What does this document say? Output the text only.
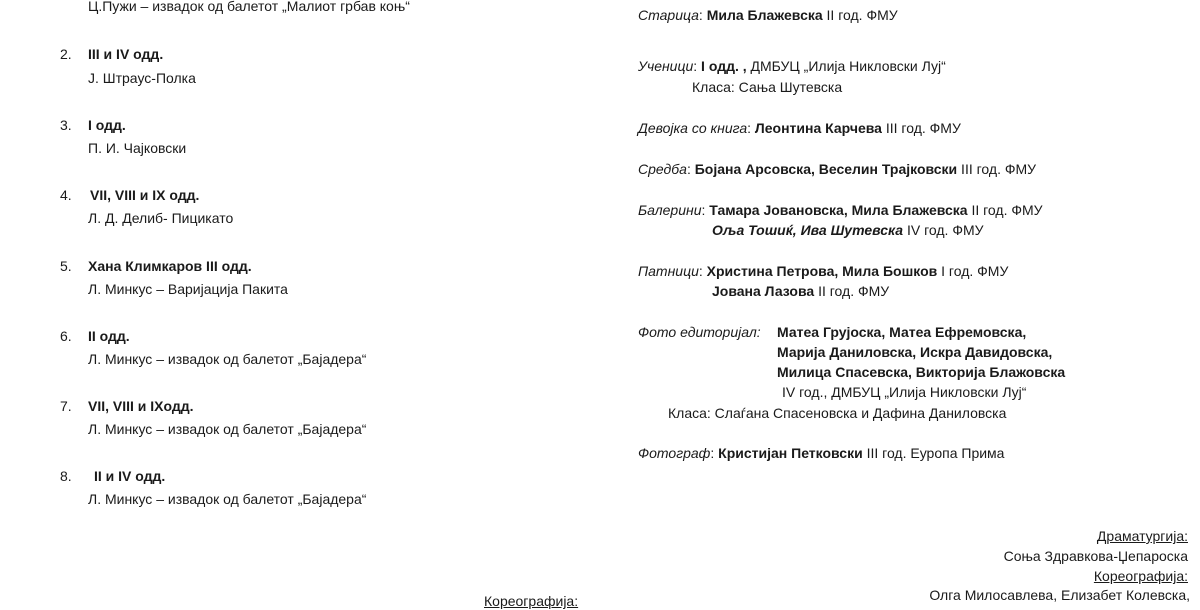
Ц.Пужи – извадок од балетот „Малиот грбав коњ“
2. III и IV одд.
Ј. Штраус-Полка
3. I одд.
П. И. Чајковски
4. VII, VIII и IX одд.
Л. Д. Делиб- Пицикато
5. Хана Климкаров III одд.
Л. Минкус – Варијација Пакита
6. II одд.
Л. Минкус – извадок од балетот „Бајадера“
7. VII, VIII и IXодд.
Л. Минкус – извадок од балетот „Бајадера“
8. II и IV одд.
Л. Минкус – извадок од балетот „Бајадера“
Кореографија:
Старица: Мила Блажевска II год. ФМУ
Ученици: I одд. , ДМБУЦ „Илија Никловски Луј“
Класа: Сања Шутевска
Девојка со книга: Леонтина Карчева III год. ФМУ
Средба: Бојана Арсовска, Веселин Трајковски III год. ФМУ
Балерини: Тамара Јовановска, Мила Блажевска II год. ФМУ
Оља Тошиќ, Ива Шутевска IV год. ФМУ
Патници: Христина Петрова, Мила Бошков I год. ФМУ
Јована Лазова II год. ФМУ
Фото едиторијал: Матеа Грујоска, Матеа Ефремовска,
Марија Даниловска, Искра Давидовска,
Милица Спасевска, Викторија Блажовска
IV год., ДМБУЦ „Илија Никловски Луј“
Класа: Слаѓана Спасеновска и Дафина Даниловска
Фотограф: Кристијан Петковски III год. Еуропа Прима
Драматургија:
Соња Здравкова-Џепароска
Кореографија:
Олга Милосавлева, Елизабет Колевска,
